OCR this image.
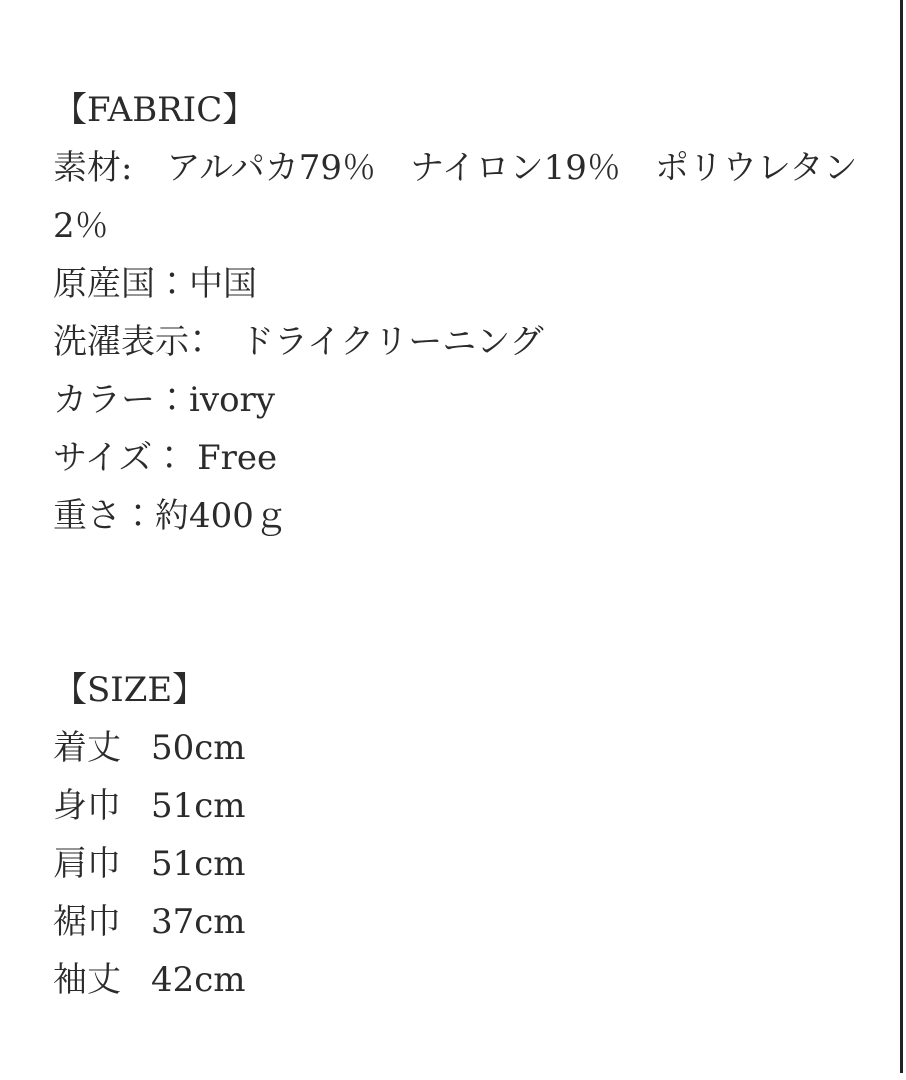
【FABRIC】
素材:　アルパカ79％　ナイロン19％　ポリウレタン
2％
原産国：中国
洗濯表示：　ドライクリーニング
カラー：ivory
サイズ： Free
重さ：約400ｇ
【SIZE】
着丈 50cm
身巾 51cm
肩巾 51cm
裾巾 37cm
袖丈 42cm
